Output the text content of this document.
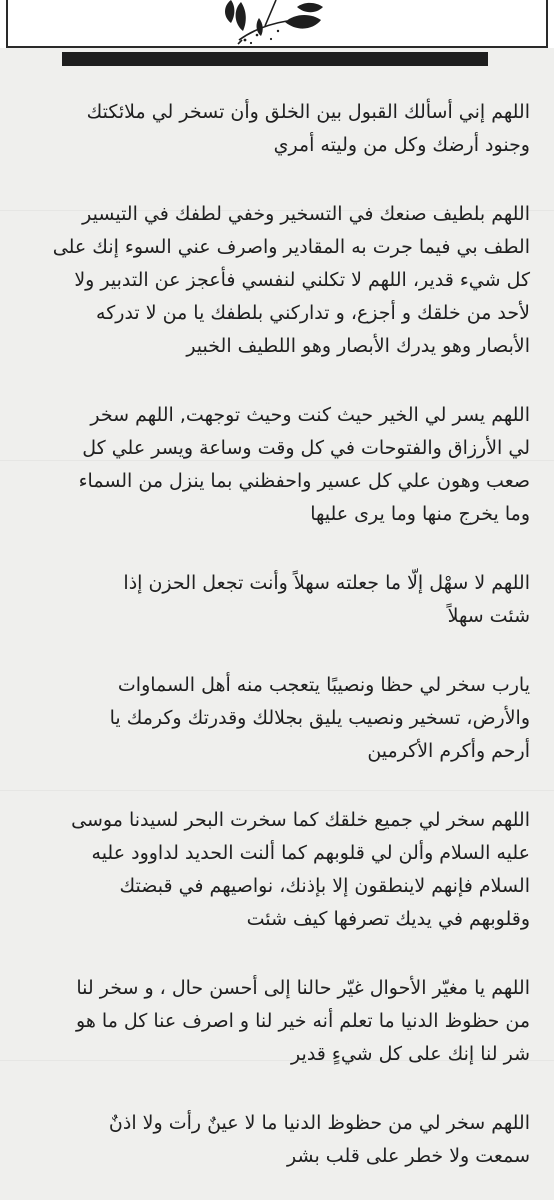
اللهم إني أسألك القبول بين الخلق وأن تسخر لي ملائكتك
وجنود أرضك وكل من وليته أمري

اللهم بلطيف صنعك في التسخير وخفي لطفك في التيسير
الطف بي فيما جرت به المقادير واصرف عني السوء إنك على
كل شيء قدير، اللهم لا تكلني لنفسي فأعجز عن التدبير ولا
لأحد من خلقك و أجزع، و تداركني بلطفك يا من لا تدركه
الأبصار وهو يدرك الأبصار وهو اللطيف الخبير

اللهم يسر لي الخير حيث كنت وحيث توجهت, اللهم سخر
لي الأرزاق والفتوحات في كل وقت وساعة ويسر علي كل
صعب وهون علي كل عسير واحفظني بما ينزل من السماء
وما يخرج منها وما يرى عليها

اللهم لا سهْل إلّا ما جعلته سهلاً وأنت تجعل الحزن إذا
شئت سهلاً

يارب سخر لي حظا ونصيبًا يتعجب منه أهل السماوات
والأرض، تسخير ونصيب يليق بجلالك وقدرتك وكرمك يا
أرحم وأكرم الأكرمين

اللهم سخر لي جميع خلقك كما سخرت البحر لسيدنا موسى
عليه السلام وألن لي قلوبهم كما ألنت الحديد لداوود عليه
السلام فإنهم لاينطقون إلا بإذنك، نواصيهم في قبضتك
وقلوبهم في يديك تصرفها كيف شئت

اللهم يا مغيّر الأحوال غيّر حالنا إلى أحسن حال ، و سخر لنا
من حظوظ الدنيا ما تعلم أنه خير لنا و اصرف عنا كل ما هو
شر لنا إنك على كل شيءٍ قدير

اللهم سخر لي من حظوظ الدنيا ما لا عينٌ رأت ولا اذنٌ
سمعت ولا خطر على قلب بشر
